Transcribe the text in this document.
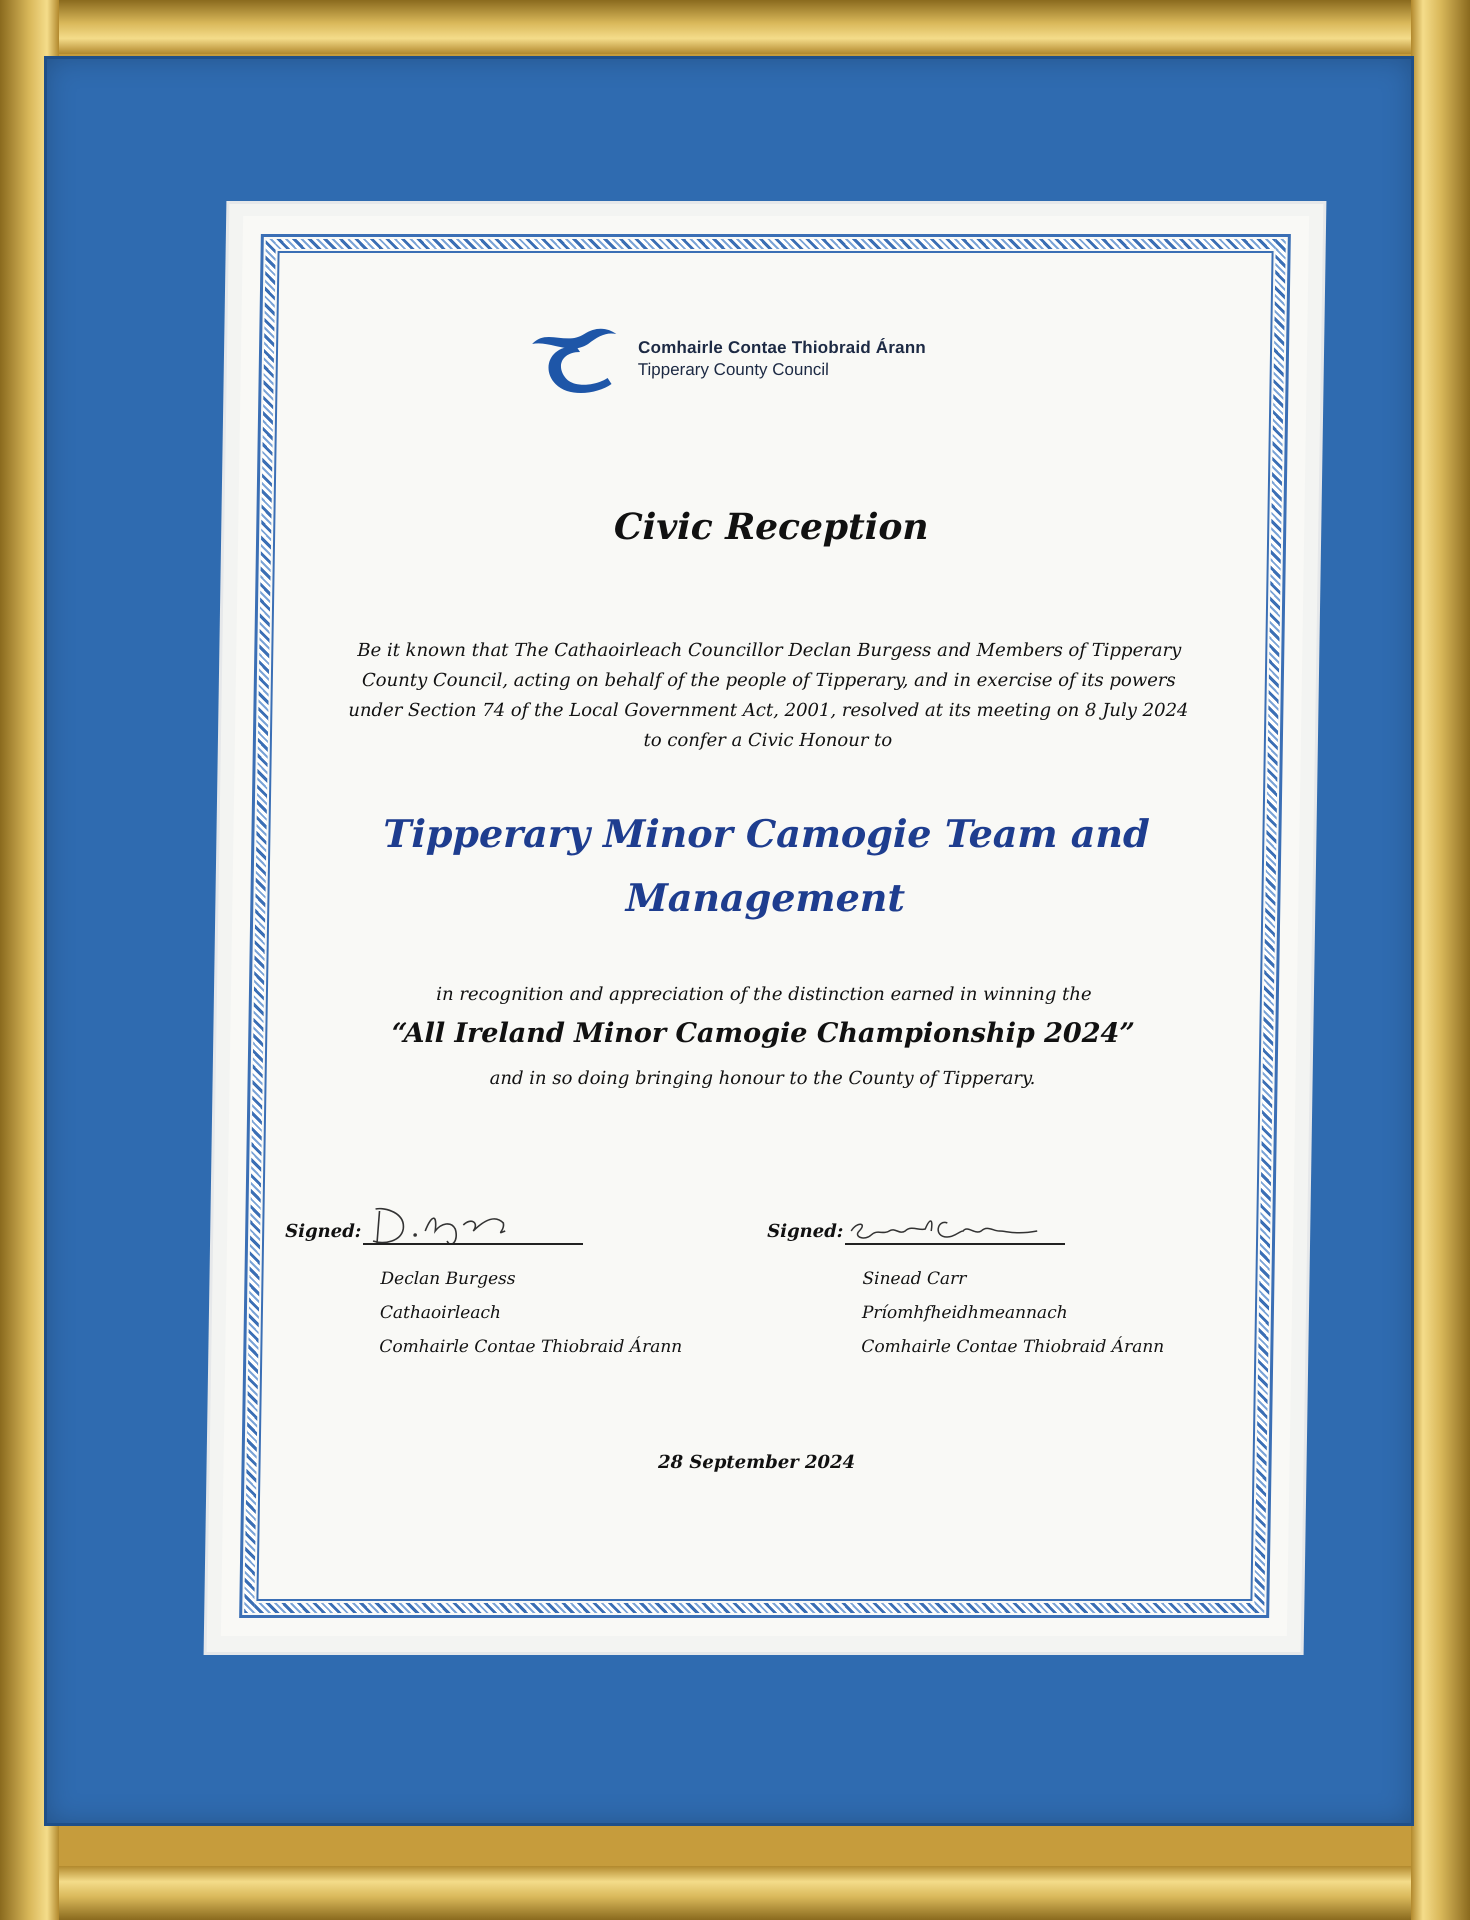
Comhairle Contae Thiobraid Árann
Tipperary County Council
Civic Reception
Be it known that The Cathaoirleach Councillor Declan Burgess and Members of Tipperary
County Council, acting on behalf of the people of Tipperary, and in exercise of its powers
under Section 74 of the Local Government Act, 2001, resolved at its meeting on 8 July 2024
to confer a Civic Honour to
Tipperary Minor Camogie Team and
Management
in recognition and appreciation of the distinction earned in winning the
“All Ireland Minor Camogie Championship 2024”
and in so doing bringing honour to the County of Tipperary.
Signed:
Declan Burgess
Cathaoirleach
Comhairle Contae Thiobraid Árann
Signed:
Sinead Carr
Príomhfheidhmeannach
Comhairle Contae Thiobraid Árann
28 September 2024
